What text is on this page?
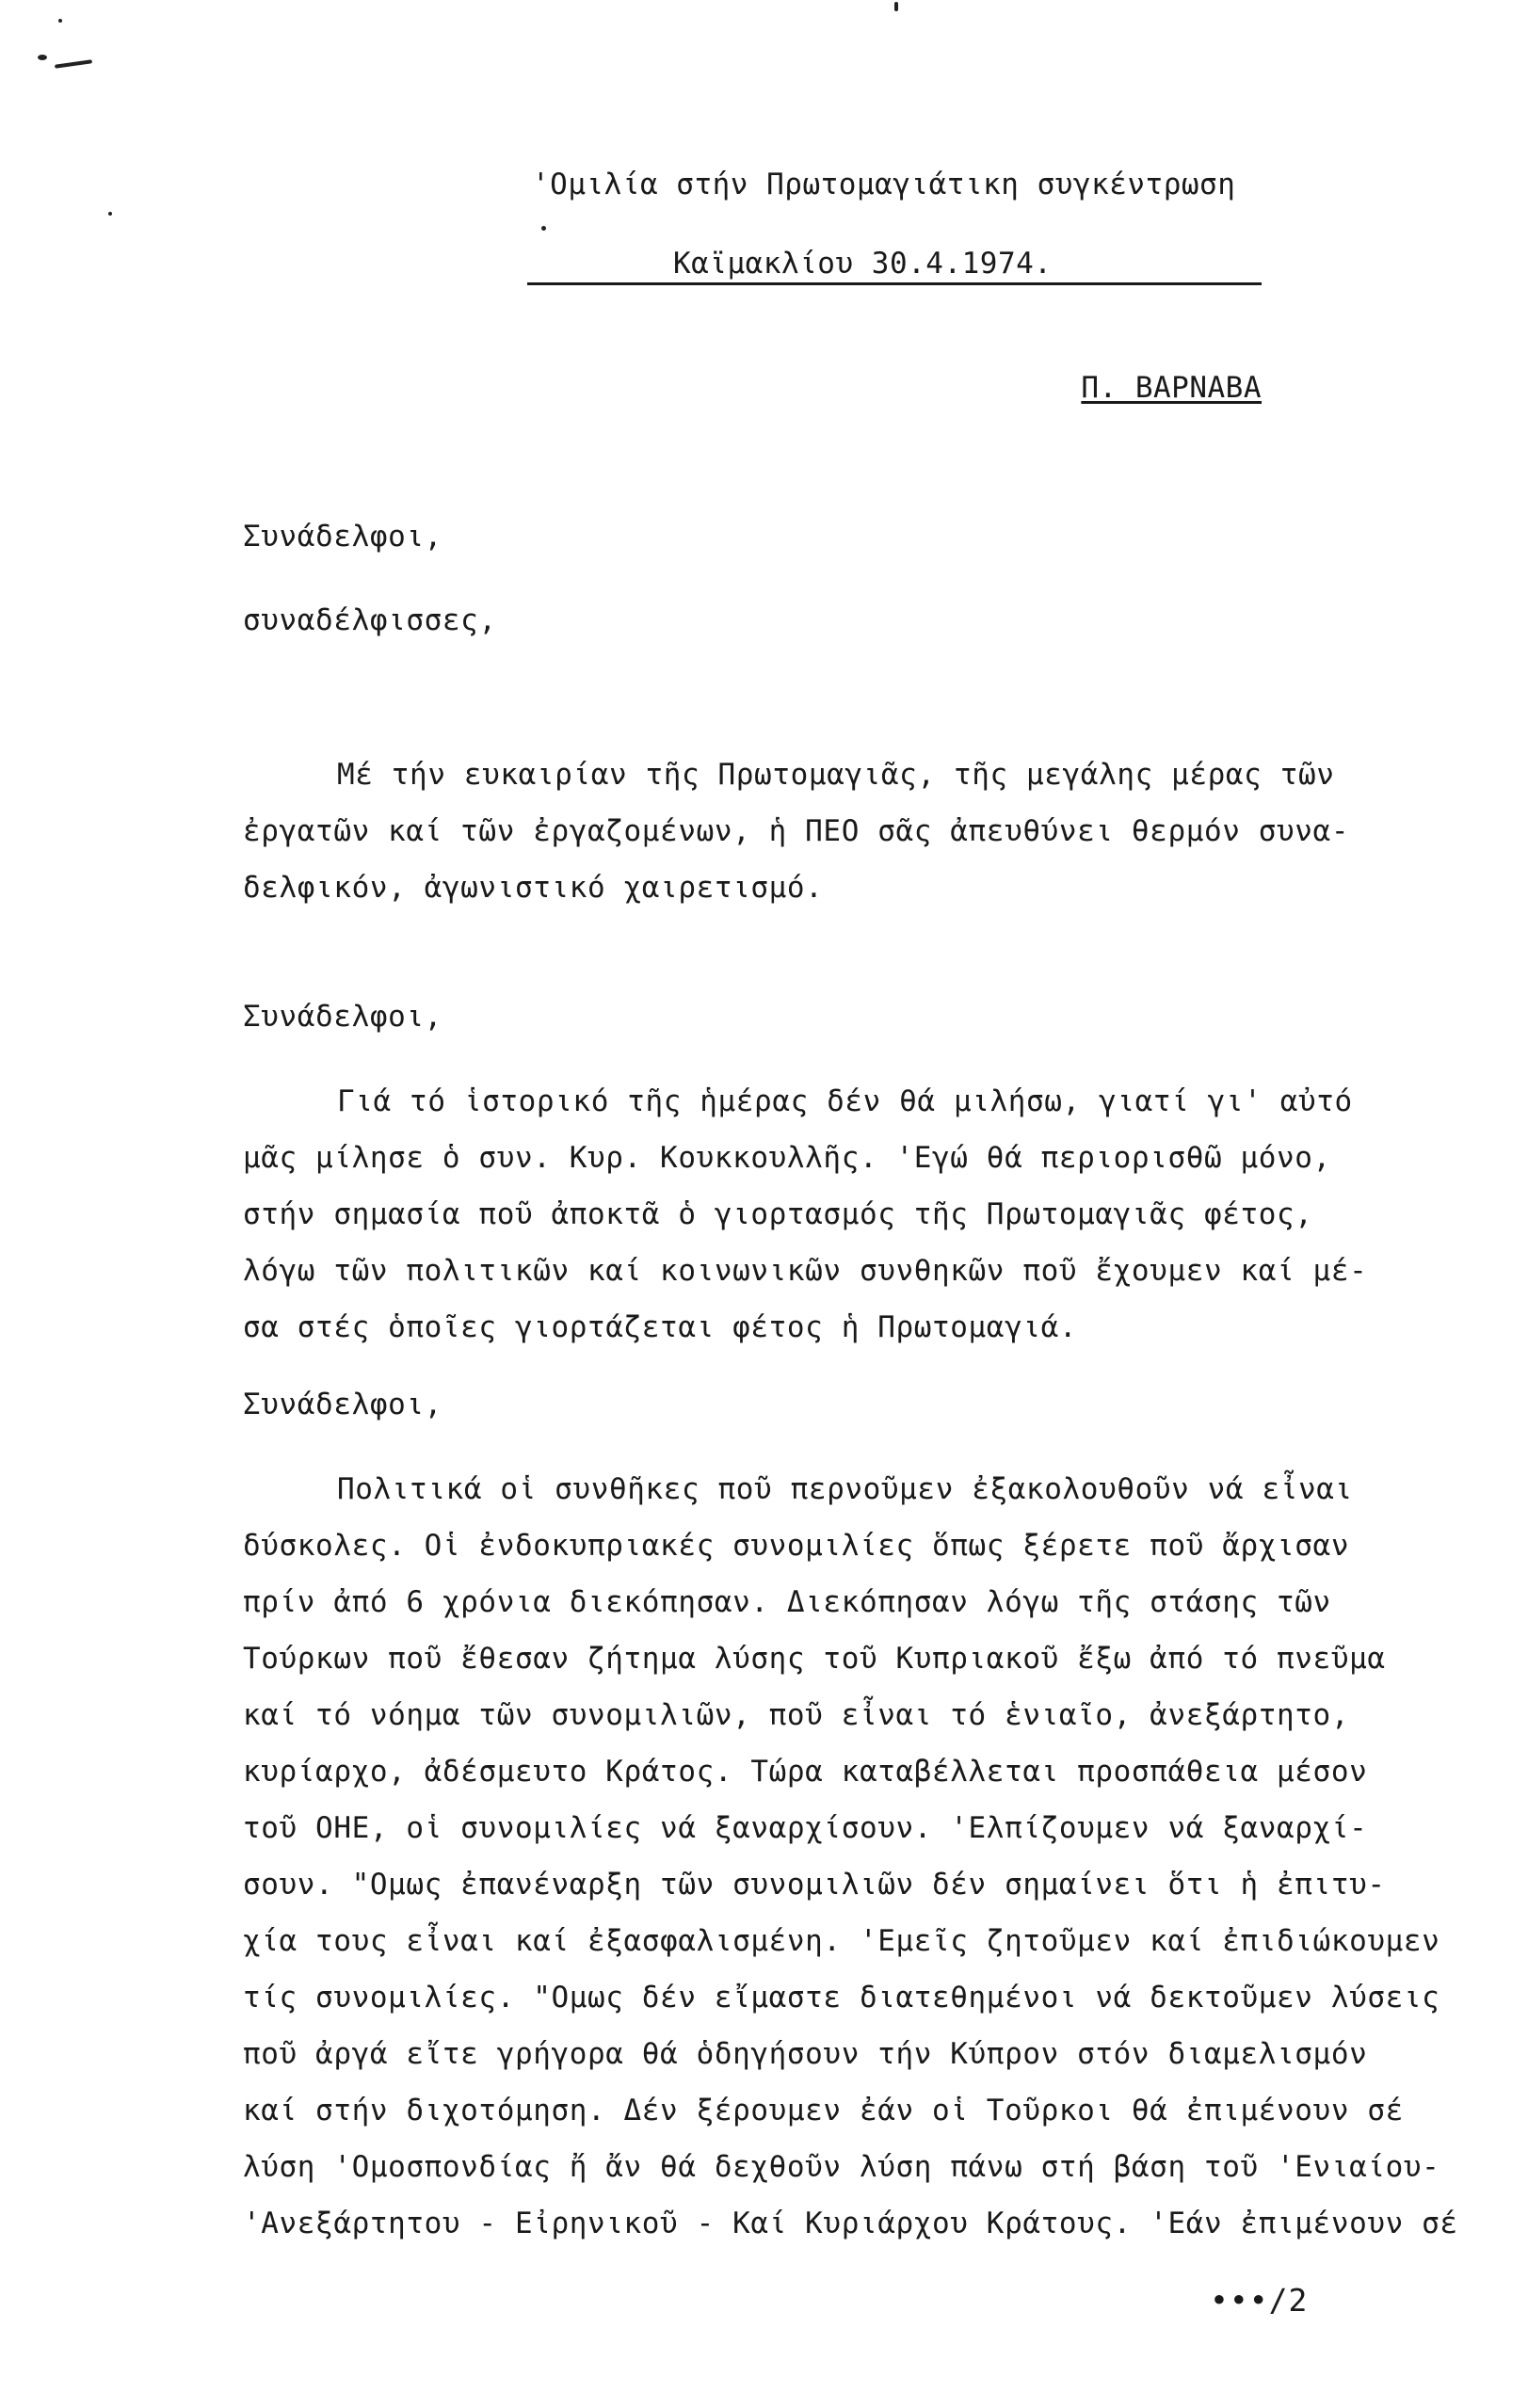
'Ομιλία στήν Πρωτομαγιάτικη συγκέντρωση
Καϊμακλίου 30.4.1974.
Π. ΒΑΡΝΑΒΑ
Συνάδελφοι,
συναδέλφισσες,
Μέ τήν ευκαιρίαν τῆς Πρωτομαγιᾶς, τῆς μεγάλης μέρας τῶν
ἐργατῶν καί τῶν ἐργαζομένων, ἡ ΠΕΟ σᾶς ἀπευθύνει θερμόν συνα-
δελφικόν, ἀγωνιστικό χαιρετισμό.
Συνάδελφοι,
Γιά τό ἱστορικό τῆς ἡμέρας δέν θά μιλήσω, γιατί γι' αὐτό
μᾶς μίλησε ὁ συν. Κυρ. Κουκκουλλῆς. 'Εγώ θά περιορισθῶ μόνο,
στήν σημασία ποῦ ἀποκτᾶ ὁ γιορτασμός τῆς Πρωτομαγιᾶς φέτος,
λόγω τῶν πολιτικῶν καί κοινωνικῶν συνθηκῶν ποῦ ἔχουμεν καί μέ-
σα στές ὁποῖες γιορτάζεται φέτος ἡ Πρωτομαγιά.
Συνάδελφοι,
Πολιτικά οἱ συνθῆκες ποῦ περνοῦμεν ἐξακολουθοῦν νά εἶναι
δύσκολες. Οἱ ἐνδοκυπριακές συνομιλίες ὅπως ξέρετε ποῦ ἄρχισαν
πρίν ἀπό 6 χρόνια διεκόπησαν. Διεκόπησαν λόγω τῆς στάσης τῶν
Τούρκων ποῦ ἔθεσαν ζήτημα λύσης τοῦ Κυπριακοῦ ἔξω ἀπό τό πνεῦμα
καί τό νόημα τῶν συνομιλιῶν, ποῦ εἶναι τό ἑνιαῖο, ἀνεξάρτητο,
κυρίαρχο, ἀδέσμευτο Κράτος. Τώρα καταβέλλεται προσπάθεια μέσον
τοῦ ΟΗΕ, οἱ συνομιλίες νά ξαναρχίσουν. 'Ελπίζουμεν νά ξαναρχί-
σουν. "Ομως ἐπανέναρξη τῶν συνομιλιῶν δέν σημαίνει ὅτι ἡ ἐπιτυ-
χία τους εἶναι καί ἐξασφαλισμένη. 'Εμεῖς ζητοῦμεν καί ἐπιδιώκουμεν
τίς συνομιλίες. "Ομως δέν εἴμαστε διατεθημένοι νά δεκτοῦμεν λύσεις
ποῦ ἀργά εἴτε γρήγορα θά ὁδηγήσουν τήν Κύπρον στόν διαμελισμόν
καί στήν διχοτόμηση. Δέν ξέρουμεν ἐάν οἱ Τοῦρκοι θά ἐπιμένουν σέ
λύση 'Ομοσπονδίας ἤ ἄν θά δεχθοῦν λύση πάνω στή βάση τοῦ 'Ενιαίου-
'Ανεξάρτητου - Εἰρηνικοῦ - Καί Κυριάρχου Κράτους. 'Εάν ἐπιμένουν σέ
•••/2
